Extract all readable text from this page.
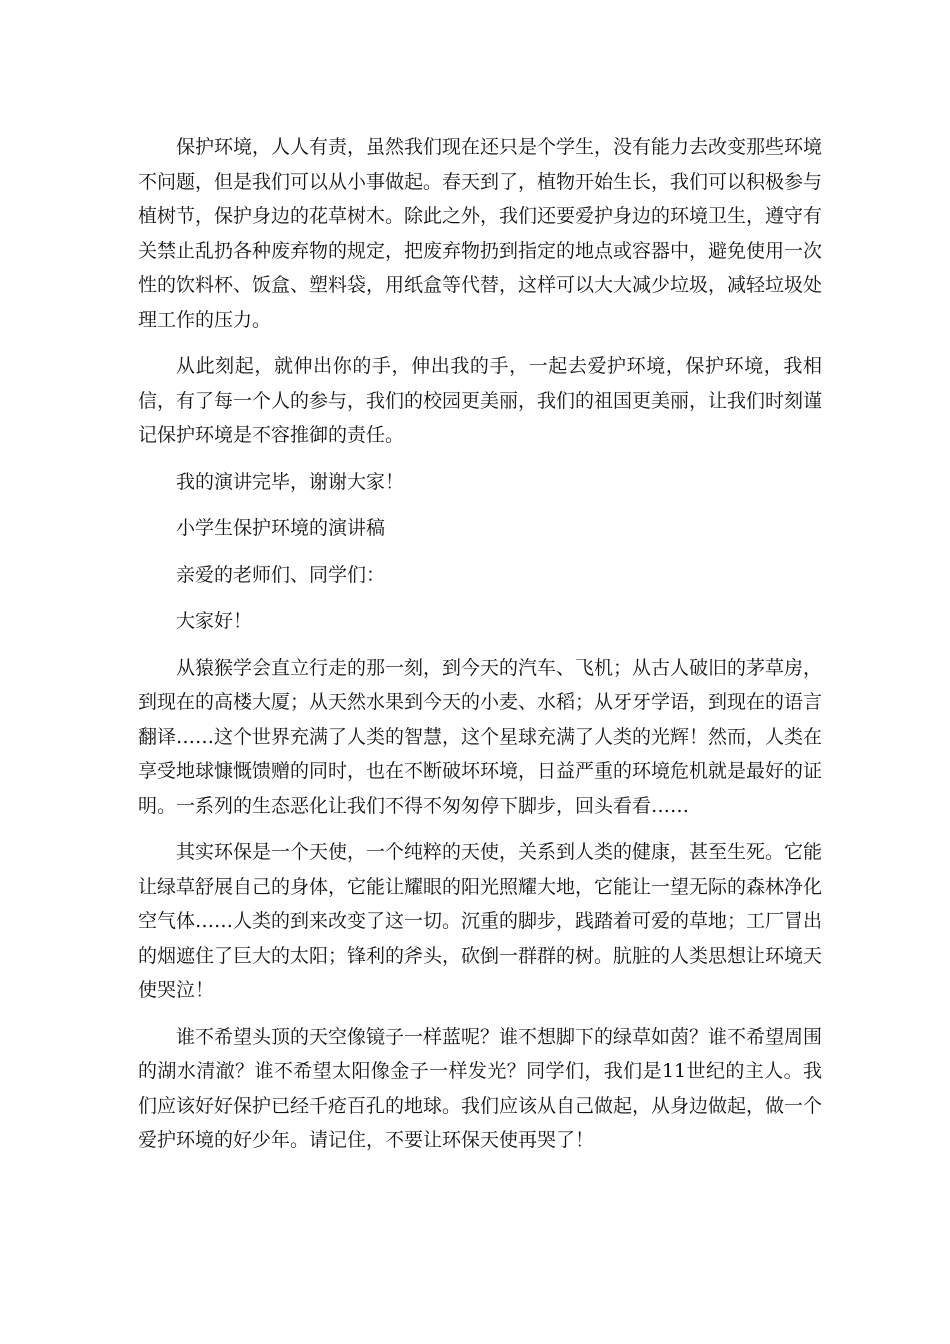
保护环境，人人有责，虽然我们现在还只是个学生，没有能力去改变那些环境不问题，但是我们可以从小事做起。春天到了，植物开始生长，我们可以积极参与植树节，保护身边的花草树木。除此之外，我们还要爱护身边的环境卫生，遵守有关禁止乱扔各种废弃物的规定，把废弃物扔到指定的地点或容器中，避免使用一次性的饮料杯、饭盒、塑料袋，用纸盒等代替，这样可以大大减少垃圾，减轻垃圾处理工作的压力。

从此刻起，就伸出你的手，伸出我的手，一起去爱护环境，保护环境，我相信，有了每一个人的参与，我们的校园更美丽，我们的祖国更美丽，让我们时刻谨记保护环境是不容推御的责任。

我的演讲完毕，谢谢大家！

小学生保护环境的演讲稿

亲爱的老师们、同学们：

大家好！

从猿猴学会直立行走的那一刻，到今天的汽车、飞机；从古人破旧的茅草房，到现在的高楼大厦；从天然水果到今天的小麦、水稻；从牙牙学语，到现在的语言翻译……这个世界充满了人类的智慧，这个星球充满了人类的光辉！然而，人类在享受地球慷慨馈赠的同时，也在不断破坏环境，日益严重的环境危机就是最好的证明。一系列的生态恶化让我们不得不匆匆停下脚步，回头看看……

其实环保是一个天使，一个纯粹的天使，关系到人类的健康，甚至生死。它能让绿草舒展自己的身体，它能让耀眼的阳光照耀大地，它能让一望无际的森林净化空气体……人类的到来改变了这一切。沉重的脚步，践踏着可爱的草地；工厂冒出的烟遮住了巨大的太阳；锋利的斧头，砍倒一群群的树。肮脏的人类思想让环境天使哭泣！

谁不希望头顶的天空像镜子一样蓝呢？谁不想脚下的绿草如茵？谁不希望周围的湖水清澈？谁不希望太阳像金子一样发光？同学们，我们是11世纪的主人。我们应该好好保护已经千疮百孔的地球。我们应该从自己做起，从身边做起，做一个爱护环境的好少年。请记住，不要让环保天使再哭了！
